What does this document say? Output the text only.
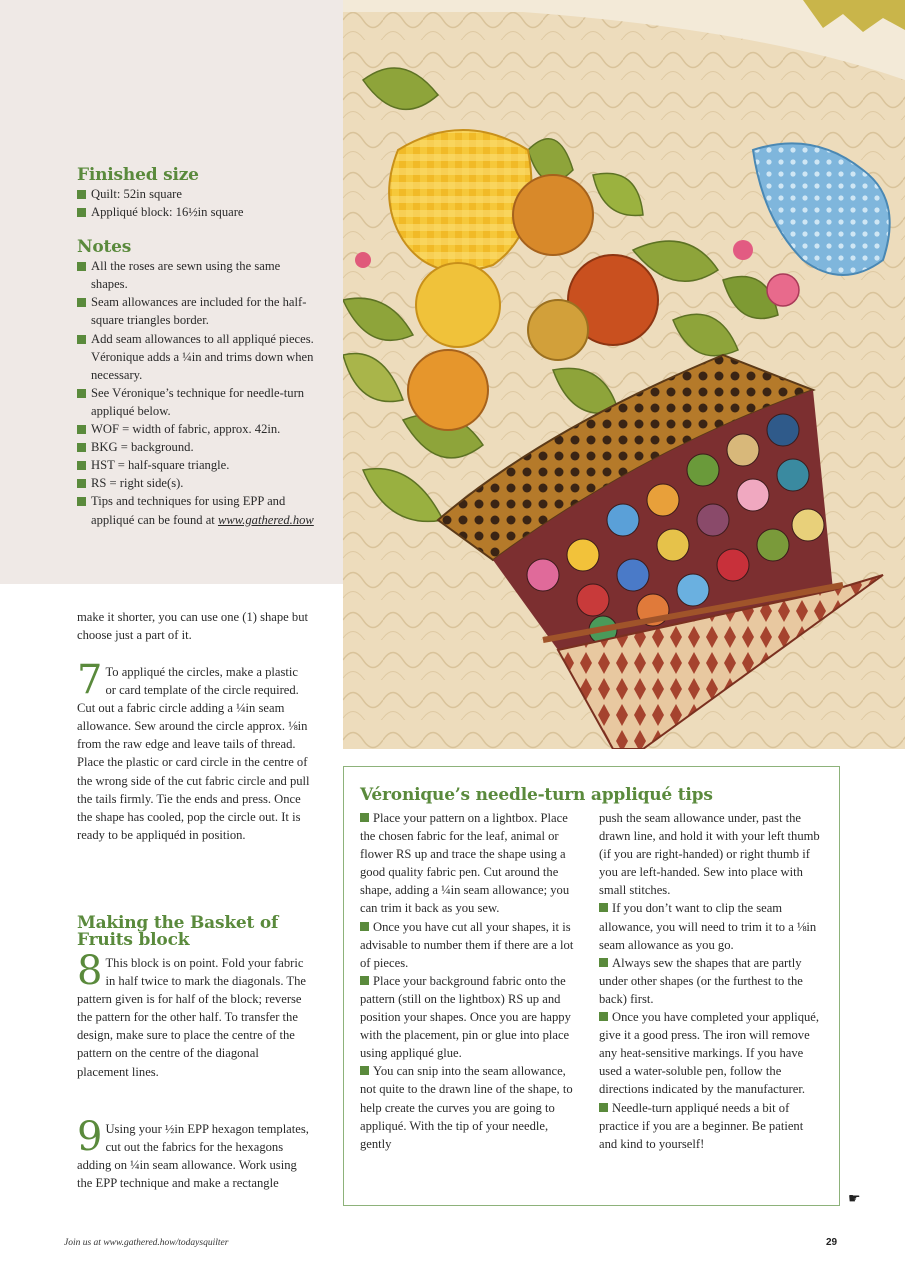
Finished size
Quilt: 52in square
Appliqué block: 16½in square
Notes
All the roses are sewn using the same shapes.
Seam allowances are included for the half-square triangles border.
Add seam allowances to all appliqué pieces. Véronique adds a ¼in and trims down when necessary.
See Véronique’s technique for needle-turn appliqué below.
WOF = width of fabric, approx. 42in.
BKG = background.
HST = half-square triangle.
RS = right side(s).
Tips and techniques for using EPP and appliqué can be found at www.gathered.how

make it shorter, you can use one (1) shape but choose just a part of it.

7 To appliqué the circles, make a plastic or card template of the circle required. Cut out a fabric circle adding a ¼in seam allowance. Sew around the circle approx. ⅛in from the raw edge and leave tails of thread. Place the plastic or card circle in the centre of the wrong side of the cut fabric circle and pull the tails firmly. Tie the ends and press. Once the shape has cooled, pop the circle out. It is ready to be appliquéd in position.

Making the Basket of Fruits block
8 This block is on point. Fold your fabric in half twice to mark the diagonals. The pattern given is for half of the block; reverse the pattern for the other half. To transfer the design, make sure to place the centre of the pattern on the centre of the diagonal placement lines.

9 Using your ½in EPP hexagon templates, cut out the fabrics for the hexagons adding on ¼in seam allowance. Work using the EPP technique and make a rectangle

Véronique’s needle-turn appliqué tips

Place your pattern on a lightbox. Place the chosen fabric for the leaf, animal or flower RS up and trace the shape using a good quality fabric pen. Cut around the shape, adding a ¼in seam allowance; you can trim it back as you sew.

Once you have cut all your shapes, it is advisable to number them if there are a lot of pieces.

Place your background fabric onto the pattern (still on the lightbox) RS up and position your shapes. Once you are happy with the placement, pin or glue into place using appliqué glue.

You can snip into the seam allowance, not quite to the drawn line of the shape, to help create the curves you are going to appliqué. With the tip of your needle, gently

push the seam allowance under, past the drawn line, and hold it with your left thumb (if you are right-handed) or right thumb if you are left-handed. Sew into place with small stitches.

If you don’t want to clip the seam allowance, you will need to trim it to a ⅛in seam allowance as you go.

Always sew the shapes that are partly under other shapes (or the furthest to the back) first.

Once you have completed your appliqué, give it a good press. The iron will remove any heat-sensitive markings. If you have used a water-soluble pen, follow the directions indicated by the manufacturer.

Needle-turn appliqué needs a bit of practice if you are a beginner. Be patient and kind to yourself!

☛
Join us at www.gathered.how/todaysquilter	29
